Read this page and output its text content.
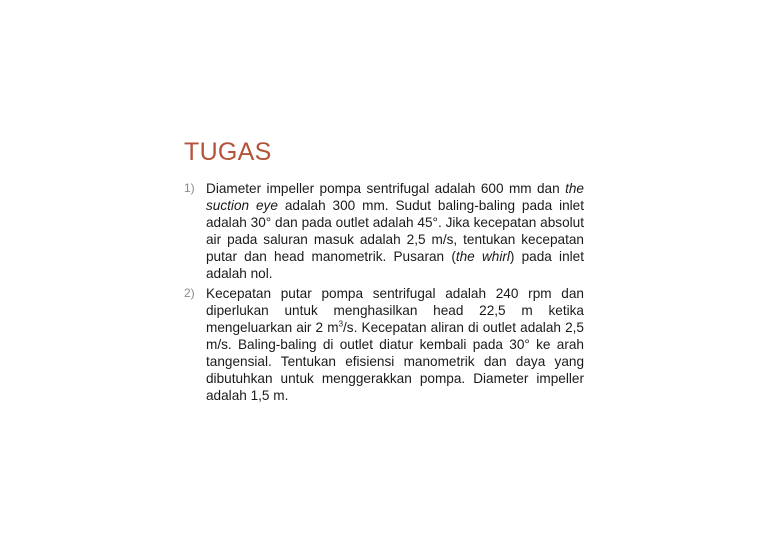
TUGAS
1) Diameter impeller pompa sentrifugal adalah 600 mm dan the suction eye adalah 300 mm. Sudut baling-baling pada inlet adalah 30° dan pada outlet adalah 45°. Jika kecepatan absolut air pada saluran masuk adalah 2,5 m/s, tentukan kecepatan putar dan head manometrik. Pusaran (the whirl) pada inlet adalah nol.

2) Kecepatan putar pompa sentrifugal adalah 240 rpm dan diperlukan untuk menghasilkan head 22,5 m ketika mengeluarkan air 2 $m^3/s$. Kecepatan aliran di outlet adalah 2,5 m/s. Baling-baling di outlet diatur kembali pada 30° ke arah tangensial. Tentukan efisiensi manometrik dan daya yang dibutuhkan untuk menggerakkan pompa. Diameter impeller adalah 1,5 m.
